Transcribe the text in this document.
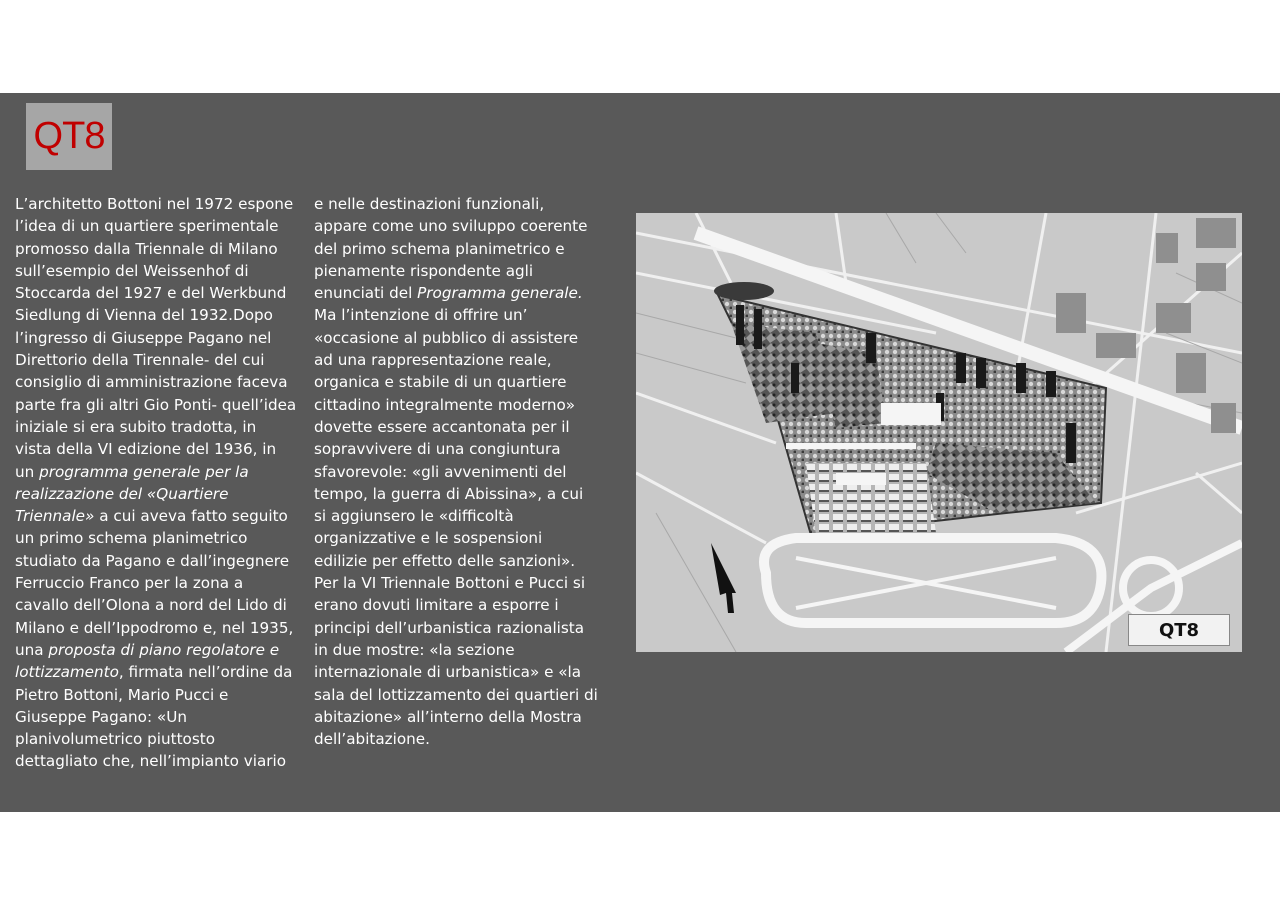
QT8

L’architetto Bottoni nel 1972 espone l’idea di un quartiere sperimentale promosso dalla Triennale di Milano sull’esempio del Weissenhof di Stoccarda del 1927 e del Werkbund Siedlung di Vienna del 1932.Dopo l’ingresso di Giuseppe Pagano nel Direttorio della Tirennale- del cui consiglio di amministrazione faceva parte fra gli altri Gio Ponti- quell’idea iniziale si era subito tradotta, in vista della VI edizione del 1936, in un programma generale per la realizzazione del «Quartiere Triennale» a cui aveva fatto seguito un primo schema planimetrico studiato da Pagano e dall’ingegnere Ferruccio Franco per la zona a cavallo dell’Olona a nord del Lido di Milano e dell’Ippodromo e, nel 1935, una proposta di piano regolatore e lottizzamento, firmata nell’ordine da Pietro Bottoni, Mario Pucci e Giuseppe Pagano: «Un planivolumetrico piuttosto dettagliato che, nell’impianto viario

e nelle destinazioni funzionali, appare come uno sviluppo coerente del primo schema planimetrico e pienamente rispondente agli enunciati del Programma generale. Ma l’intenzione di offrire un’ «occasione al pubblico di assistere ad una rappresentazione reale, organica e stabile di un quartiere cittadino integralmente moderno» dovette essere accantonata per il sopravvivere di una congiuntura sfavorevole: «gli avvenimenti del tempo, la guerra di Abissina», a cui si aggiunsero le «difficoltà organizzative e le sospensioni edilizie per effetto delle sanzioni». Per la VI Triennale Bottoni e Pucci si erano dovuti limitare a esporre i principi dell’urbanistica razionalista in due mostre: «la sezione internazionale di urbanistica» e «la sala del lottizzamento dei quartieri di abitazione» all’interno della Mostra dell’abitazione.

QT8
